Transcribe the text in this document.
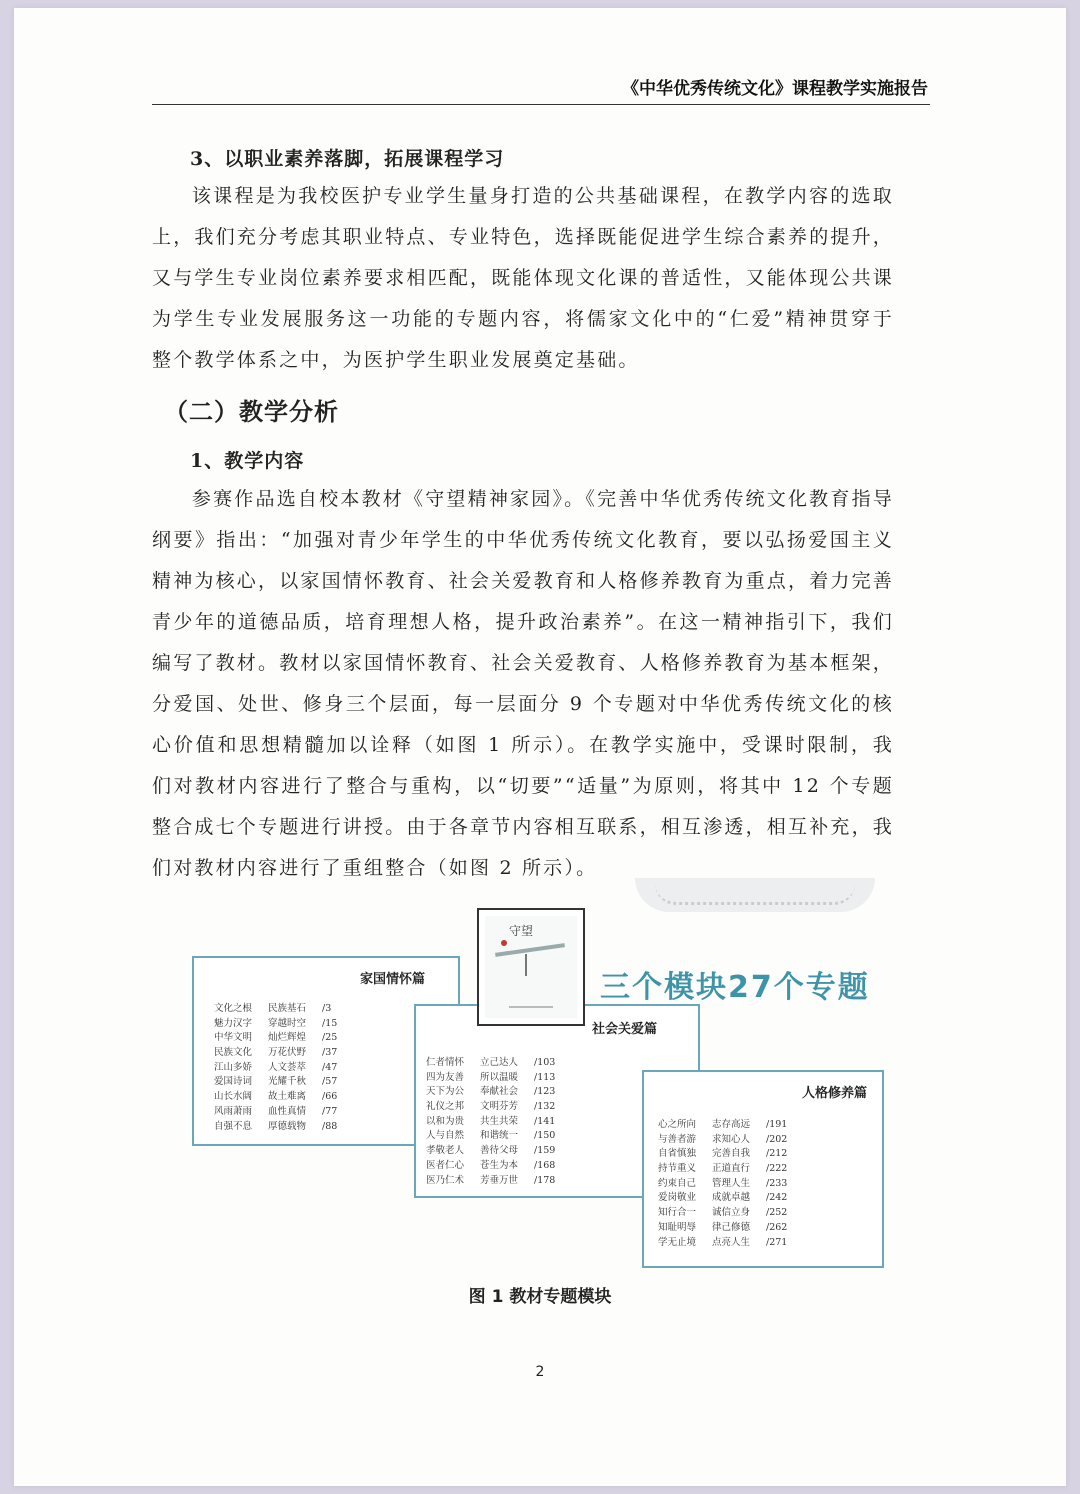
《中华优秀传统文化》课程教学实施报告
3、以职业素养落脚，拓展课程学习

该课程是为我校医护专业学生量身打造的公共基础课程，在教学内容的选取上，我们充分考虑其职业特点、专业特色，选择既能促进学生综合素养的提升，又与学生专业岗位素养要求相匹配，既能体现文化课的普适性，又能体现公共课为学生专业发展服务这一功能的专题内容，将儒家文化中的“仁爱”精神贯穿于整个教学体系之中，为医护学生职业发展奠定基础。

（二）教学分析
1、教学内容

参赛作品选自校本教材《守望精神家园》。《完善中华优秀传统文化教育指导纲要》指出：“加强对青少年学生的中华优秀传统文化教育，要以弘扬爱国主义精神为核心，以家国情怀教育、社会关爱教育和人格修养教育为重点，着力完善青少年的道德品质，培育理想人格，提升政治素养”。在这一精神指引下，我们编写了教材。教材以家国情怀教育、社会关爱教育、人格修养教育为基本框架，分爱国、处世、修身三个层面，每一层面分 9 个专题对中华优秀传统文化的核心价值和思想精髓加以诠释（如图 1 所示）。在教学实施中，受课时限制，我们对教材内容进行了整合与重构，以“切要”“适量”为原则，将其中 12 个专题整合成七个专题进行讲授。由于各章节内容相互联系，相互渗透，相互补充，我们对教材内容进行了重组整合（如图 2 所示）。

家国情怀篇
文化之根 民族基石 /3
魅力汉字 穿越时空 /15
中华文明 灿烂辉煌 /25
民族文化 万花伏野 /37
江山多娇 人文荟萃 /47
爱国诗词 光耀千秋 /57
山长水阔 故土难离 /66
风雨萧雨 血性真情 /77
自强不息 厚德载物 /88
社会关爱篇
仁者情怀 立己达人 /103
四为友善 所以温暖 /113
天下为公 奉献社会 /123
礼仪之邦 文明芬芳 /132
以和为贵 共生共荣 /141
人与自然 和谐统一 /150
孝敬老人 善待父母 /159
医者仁心 苍生为本 /168
医乃仁术 芳垂万世 /178
人格修养篇
心之所向 志存高远 /191
与善者游 求知心人 /202
自省慎独 完善自我 /212
持节重义 正道直行 /222
约束自己 管理人生 /233
爱岗敬业 成就卓越 /242
知行合一 诚信立身 /252
知耻明辱 律己修德 /262
学无止境 点亮人生 /271
守望
三个模块27个专题
图 1 教材专题模块
2
